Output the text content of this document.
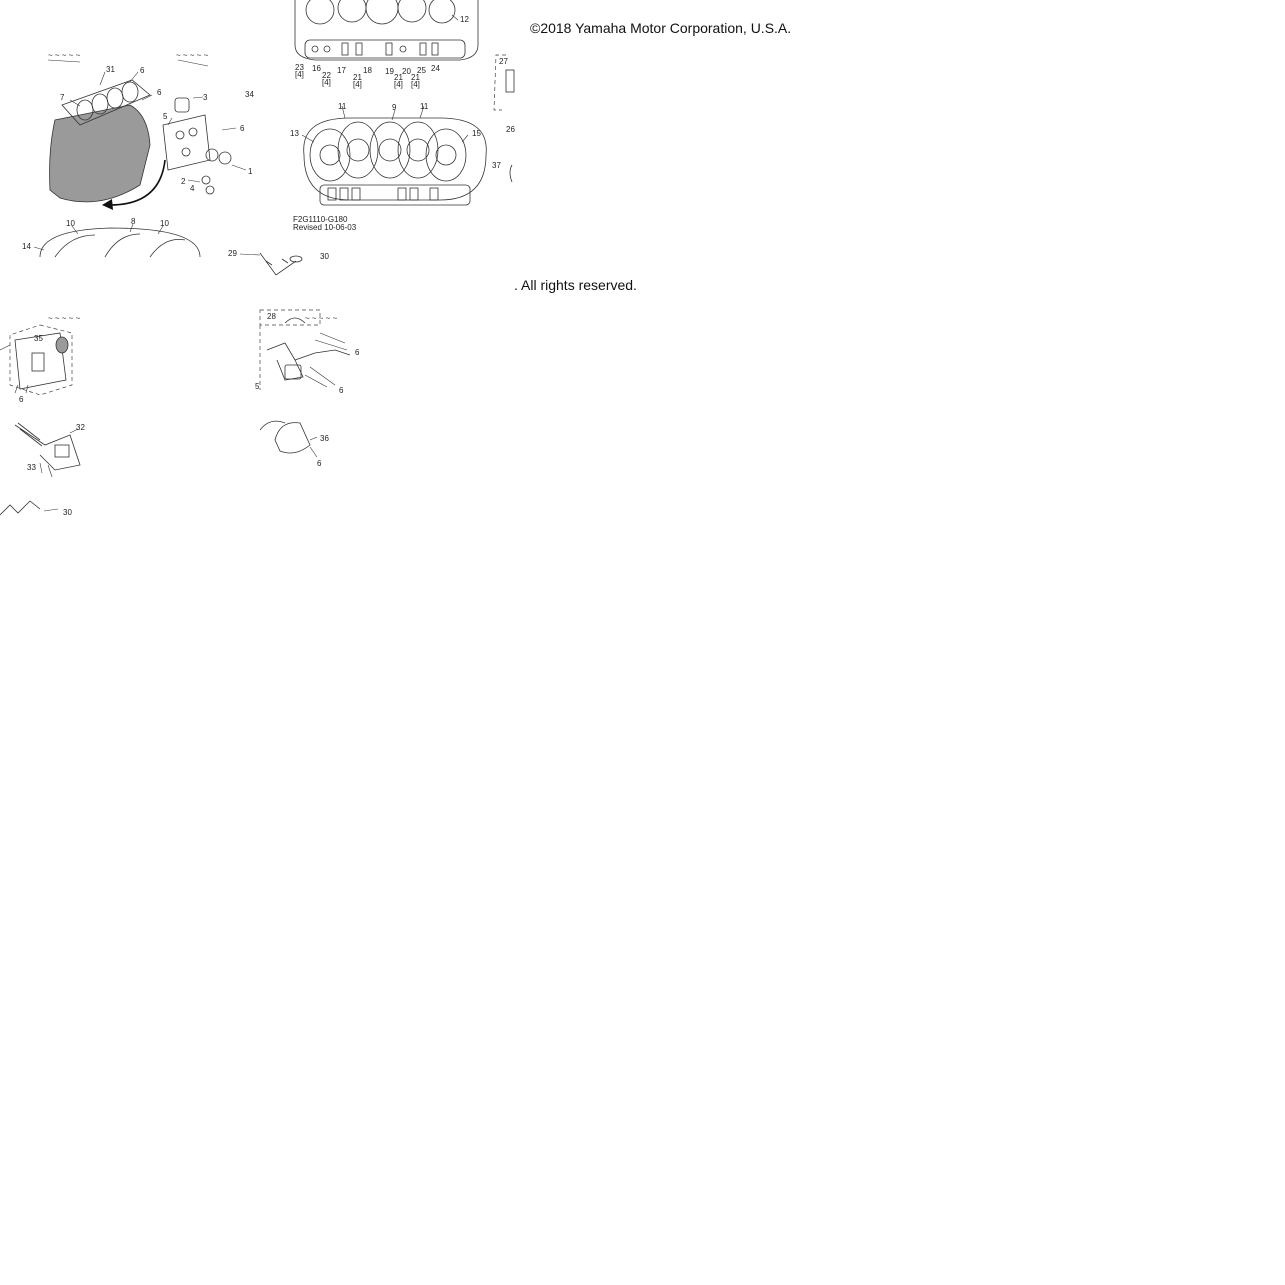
©2018 Yamaha Motor Corporation, U.S.A.
. All rights reserved.
~ ~ ~ ~ ~	~ ~ ~ ~ ~
31	6
7
6
3	34
5
6
1
2
4
10	8	10
14
12
23
[4]
16
22
[4]
17
21
[4]
18 19
21
[4]
20
21
[4]
25 24
11	9	11
13	15
F2G1110-G180
Revised 10-06-03
29	30
27
26
37
~ ~ ~ ~ ~
35
6
32
33
30
~ ~ ~ ~ ~
28
6
6
5
36
6
